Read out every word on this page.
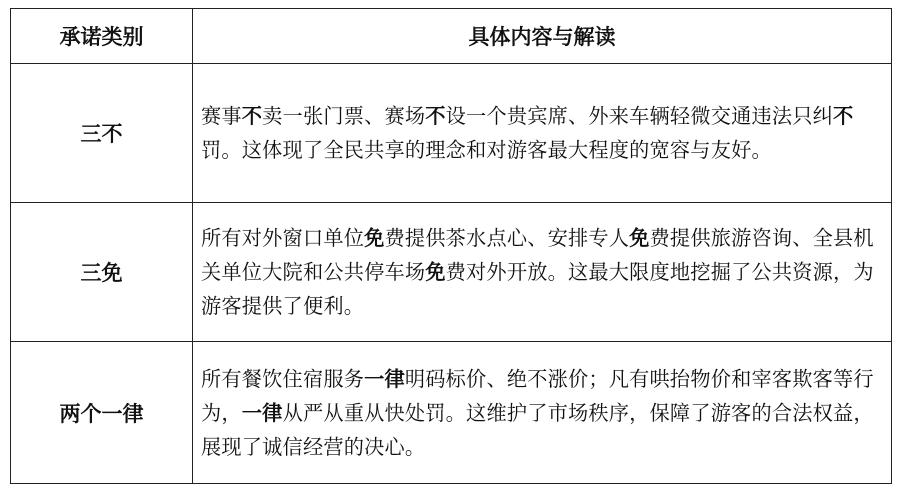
承诺类别	具体内容与解读
三不	赛事不卖一张门票、赛场不设一个贵宾席、外来车辆轻微交通违法只纠不罚。这体现了全民共享的理念和对游客最大程度的宽容与友好。
三免	所有对外窗口单位免费提供茶水点心、安排专人免费提供旅游咨询、全县机关单位大院和公共停车场免费对外开放。这最大限度地挖掘了公共资源，为游客提供了便利。
两个一律	所有餐饮住宿服务一律明码标价、绝不涨价；凡有哄抬物价和宰客欺客等行为，一律从严从重从快处罚。这维护了市场秩序，保障了游客的合法权益，展现了诚信经营的决心。
